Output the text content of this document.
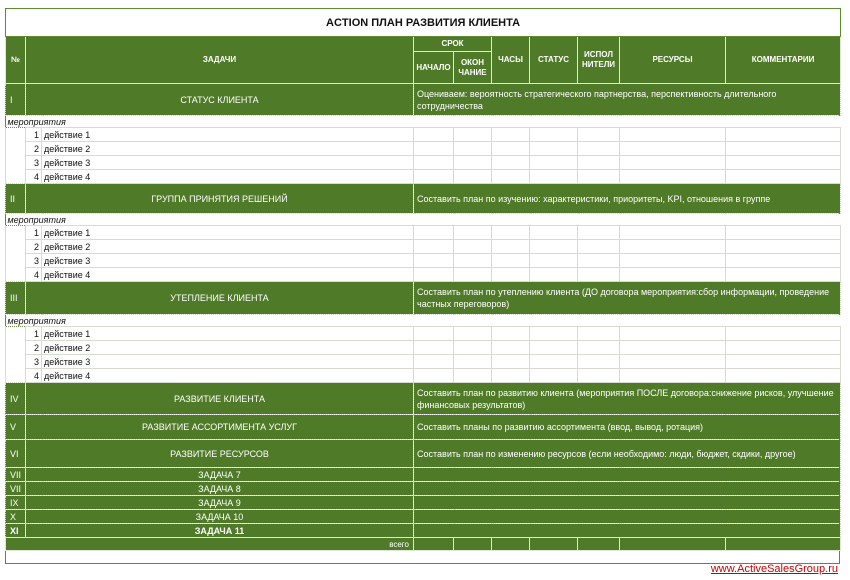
ACTION ПЛАН РАЗВИТИЯ КЛИЕНТА									
№	ЗАДАЧИ		СРОК		ЧАСЫ	СТАТУС	ИСПОЛ НИТЕЛИ	РЕСУРСЫ	КОММЕНТАРИИ
			НАЧАЛО	ОКОН ЧАНИЕ					
I	СТАТУС КЛИЕНТА		Оцениваем: вероятность стратегического партнерства, перспективность длительного сотрудничества						
мероприятия									
	1	действие 1							
	2	действие 2							
	3	действие 3							
	4	действие 4							
II	ГРУППА ПРИНЯТИЯ РЕШЕНИЙ		Составить план по изучению: характеристики, приоритеты, KPI, отношения в группе						
мероприятия									
	1	действие 1							
	2	действие 2							
	3	действие 3							
	4	действие 4							
III	УТЕПЛЕНИЕ КЛИЕНТА		Составить план по утеплению клиента (ДО договора мероприятия:сбор информации, проведение частных переговоров)						
мероприятия									
	1	действие 1							
	2	действие 2							
	3	действие 3							
	4	действие 4							
IV	РАЗВИТИЕ КЛИЕНТА		Составить план по развитию клиента (мероприятия ПОСЛЕ договора:снижение рисков, улучшение финансовых результатов)						
V	РАЗВИТИЕ АССОРТИМЕНТА УСЛУГ		Составить планы по развитию ассортимента (ввод, вывод, ротация)						
VI	РАЗВИТИЕ РЕСУРСОВ		Составить план по изменению ресурсов (если необходимо: люди, бюджет, скдики, другое)						
VII	ЗАДАЧА 7								
VII	ЗАДАЧА 8								
IX	ЗАДАЧА 9								
X	ЗАДАЧА 10								
XI	ЗАДАЧА 11								
всего									
www.ActiveSalesGroup.ru
